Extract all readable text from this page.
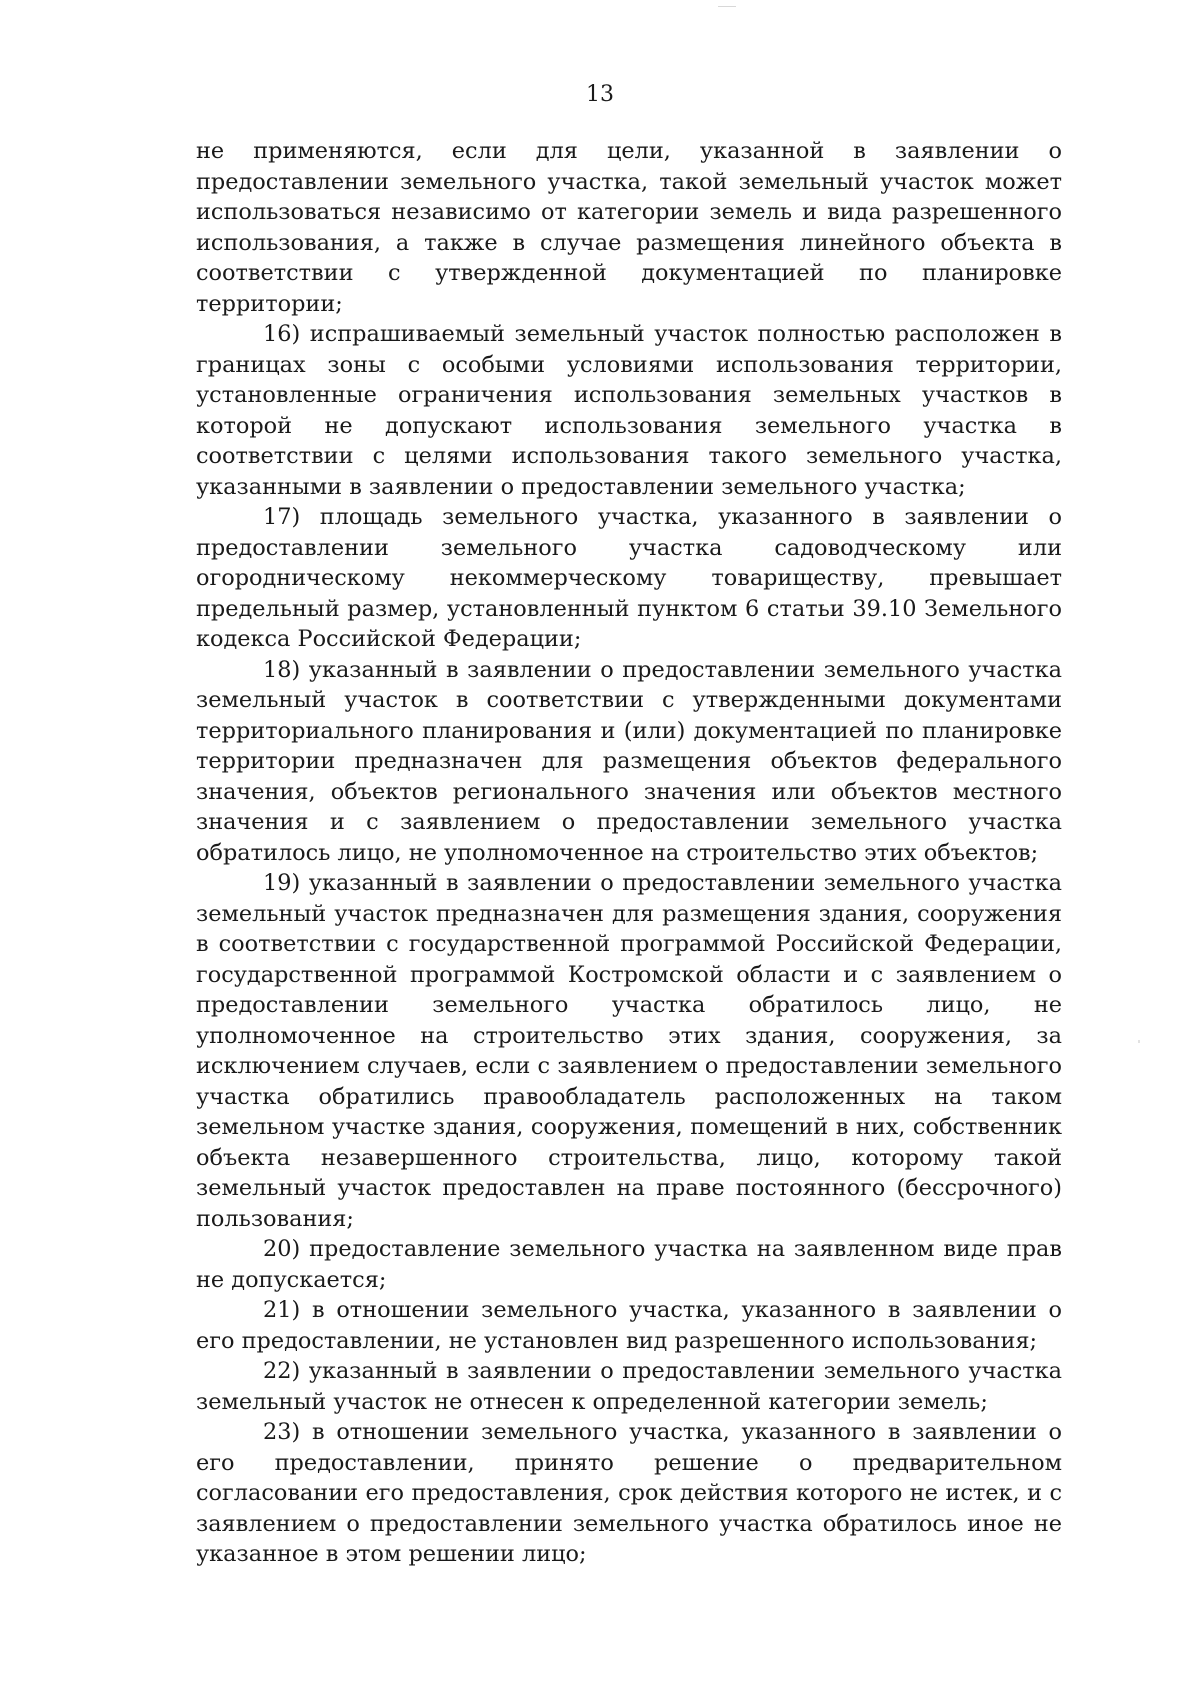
13

не применяются, если для цели, указанной в заявлении о предоставлении земельного участка, такой земельный участок может использоваться независимо от категории земель и вида разрешенного использования, а также в случае размещения линейного объекта в соответствии с утвержденной документацией по планировке территории;

16) испрашиваемый земельный участок полностью расположен в границах зоны с особыми условиями использования территории, установленные ограничения использования земельных участков в которой не допускают использования земельного участка в соответствии с целями использования такого земельного участка, указанными в заявлении о предоставлении земельного участка;

17) площадь земельного участка, указанного в заявлении о предоставлении земельного участка садоводческому или огородническому некоммерческому товариществу, превышает предельный размер, установленный пунктом 6 статьи 39.10 Земельного кодекса Российской Федерации;

18) указанный в заявлении о предоставлении земельного участка земельный участок в соответствии с утвержденными документами территориального планирования и (или) документацией по планировке территории предназначен для размещения объектов федерального значения, объектов регионального значения или объектов местного значения и с заявлением о предоставлении земельного участка обратилось лицо, не уполномоченное на строительство этих объектов;

19) указанный в заявлении о предоставлении земельного участка земельный участок предназначен для размещения здания, сооружения в соответствии с государственной программой Российской Федерации, государственной программой Костромской области и с заявлением о предоставлении земельного участка обратилось лицо, не уполномоченное на строительство этих здания, сооружения, за исключением случаев, если с заявлением о предоставлении земельного участка обратились правообладатель расположенных на таком земельном участке здания, сооружения, помещений в них, собственник объекта незавершенного строительства, лицо, которому такой земельный участок предоставлен на праве постоянного (бессрочного) пользования;

20) предоставление земельного участка на заявленном виде прав не допускается;

21) в отношении земельного участка, указанного в заявлении о его предоставлении, не установлен вид разрешенного использования;

22) указанный в заявлении о предоставлении земельного участка земельный участок не отнесен к определенной категории земель;

23) в отношении земельного участка, указанного в заявлении о его предоставлении, принято решение о предварительном согласовании его предоставления, срок действия которого не истек, и с заявлением о предоставлении земельного участка обратилось иное не указанное в этом решении лицо;
